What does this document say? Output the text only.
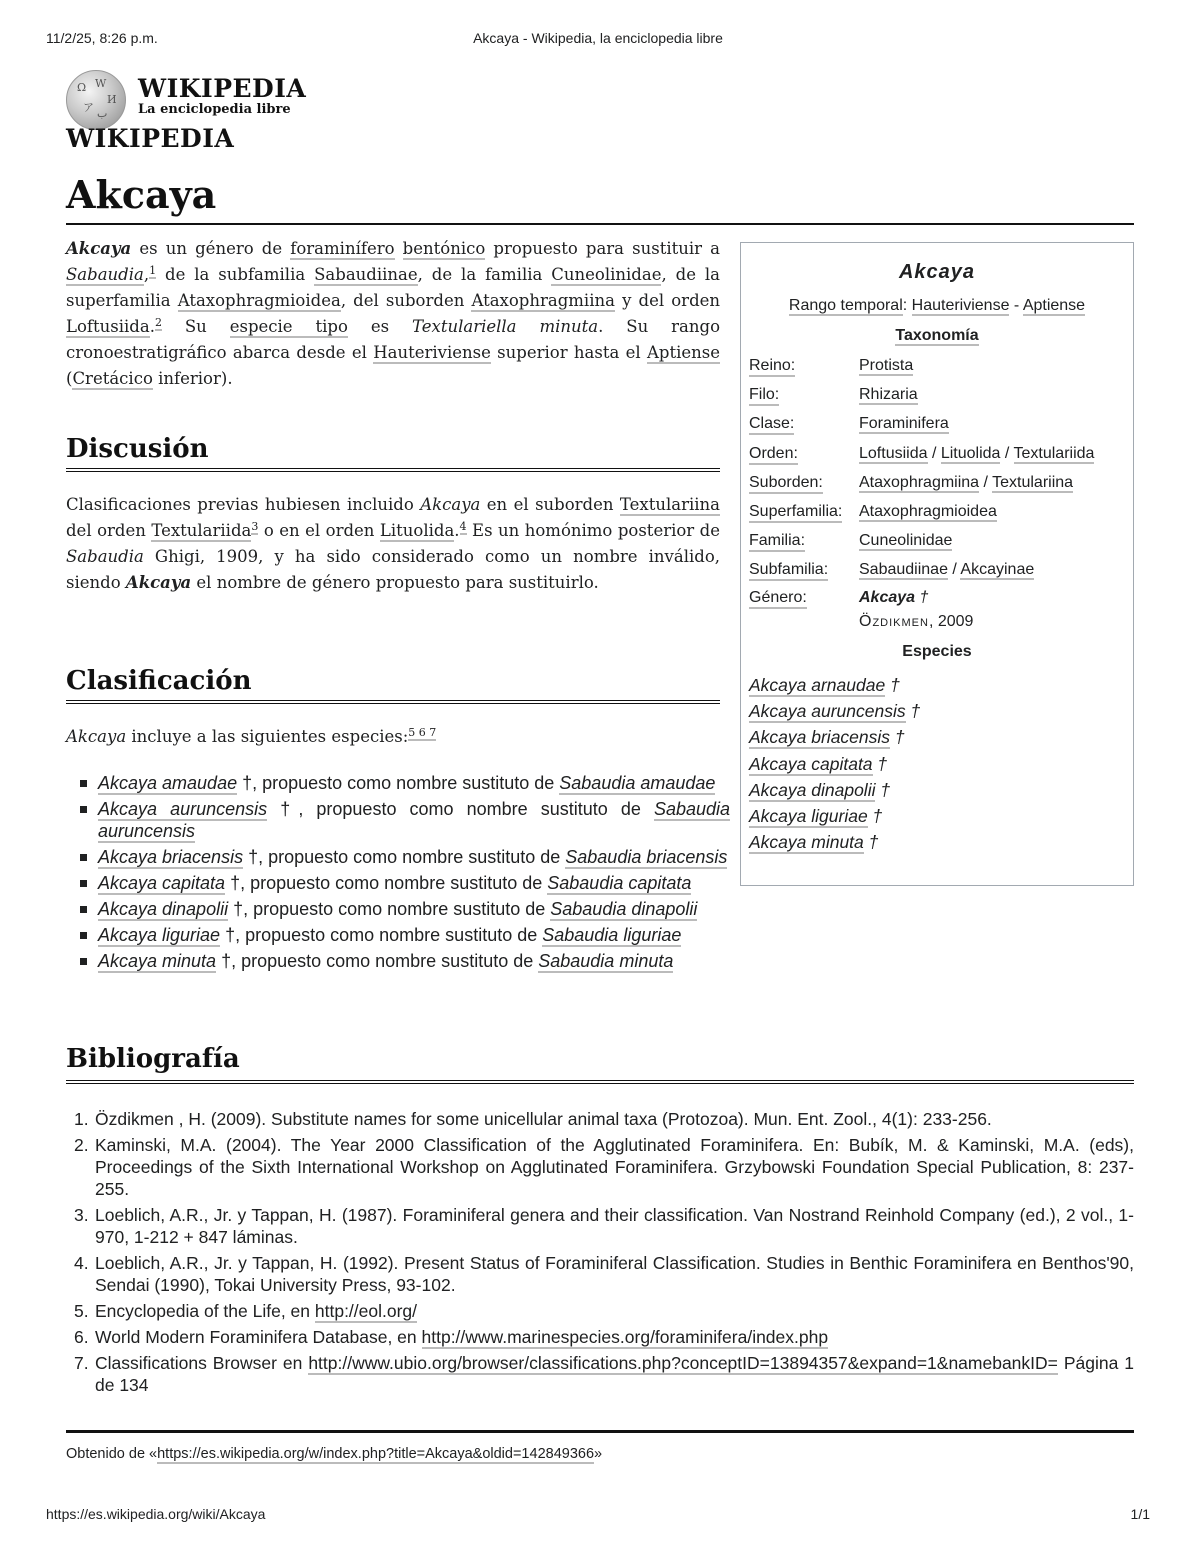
11/2/25, 8:26 p.m.	Akcaya - Wikipedia, la enciclopedia libre
Ω W
И
ア ب
WIKIPEDIA
La enciclopedia libre
WIKIPEDIA
Akcaya

Akcaya es un género de foraminífero bentónico propuesto para sustituir a Sabaudia,$^1$ de la subfamilia Sabaudiinae, de la familia Cuneolinidae, de la superfamilia Ataxophragmioidea, del suborden Ataxophragmiina y del orden Loftusiida.$^2$ Su especie tipo es Textulariella minuta. Su rango cronoestratigráfico abarca desde el Hauteriviense superior hasta el Aptiense (Cretácico inferior).

Discusión

Clasificaciones previas hubiesen incluido Akcaya en el suborden Textulariina del orden Textulariida$^3$ o en el orden Lituolida.$^4$ Es un homónimo posterior de Sabaudia Ghigi, 1909, y ha sido considerado como un nombre inválido, siendo Akcaya el nombre de género propuesto para sustituirlo.

Clasificación

Akcaya incluye a las siguientes especies:$^{5 6 7}$

Akcaya amaudae †, propuesto como nombre sustituto de Sabaudia amaudae
Akcaya auruncensis †, propuesto como nombre sustituto de Sabaudia auruncensis
Akcaya briacensis †, propuesto como nombre sustituto de Sabaudia briacensis
Akcaya capitata †, propuesto como nombre sustituto de Sabaudia capitata
Akcaya dinapolii †, propuesto como nombre sustituto de Sabaudia dinapolii
Akcaya liguriae †, propuesto como nombre sustituto de Sabaudia liguriae
Akcaya minuta †, propuesto como nombre sustituto de Sabaudia minuta
Akcaya
Rango temporal: Hauteriviense - Aptiense
Taxonomía
Reino:	Protista
Filo:	Rhizaria
Clase:	Foraminifera
Orden:	Loftusiida / Lituolida / Textulariida
Suborden: Ataxophragmiina / Textulariina
Superfamilia: Ataxophragmioidea
Familia:	Cuneolinidae
Subfamilia: Sabaudiinae / Akcayinae
Género:	Akcaya †
Özdikmen, 2009
Especies
Akcaya arnaudae †
Akcaya auruncensis †
Akcaya briacensis †
Akcaya capitata †
Akcaya dinapolii †
Akcaya liguriae †
Akcaya minuta †
Bibliografía
1. Özdikmen , H. (2009). Substitute names for some unicellular animal taxa (Protozoa). Mun. Ent. Zool., 4(1): 233-256.
2. Kaminski, M.A. (2004). The Year 2000 Classification of the Agglutinated Foraminifera. En: Bubík, M. & Kaminski, M.A. (eds), Proceedings of the Sixth International Workshop on Agglutinated Foraminifera. Grzybowski Foundation Special Publication, 8: 237-255.
3. Loeblich, A.R., Jr. y Tappan, H. (1987). Foraminiferal genera and their classification. Van Nostrand Reinhold Company (ed.), 2 vol., 1-970, 1-212 + 847 láminas.
4. Loeblich, A.R., Jr. y Tappan, H. (1992). Present Status of Foraminiferal Classification. Studies in Benthic Foraminifera en Benthos'90, Sendai (1990), Tokai University Press, 93-102.
5. Encyclopedia of the Life, en http://eol.org/
6. World Modern Foraminifera Database, en http://www.marinespecies.org/foraminifera/index.php
7. Classifications Browser en http://www.ubio.org/browser/classifications.php?conceptID=13894357&expand=1&namebankID= Página 1 de 134
Obtenido de «https://es.wikipedia.org/w/index.php?title=Akcaya&oldid=142849366»
https://es.wikipedia.org/wiki/Akcaya	1/1
